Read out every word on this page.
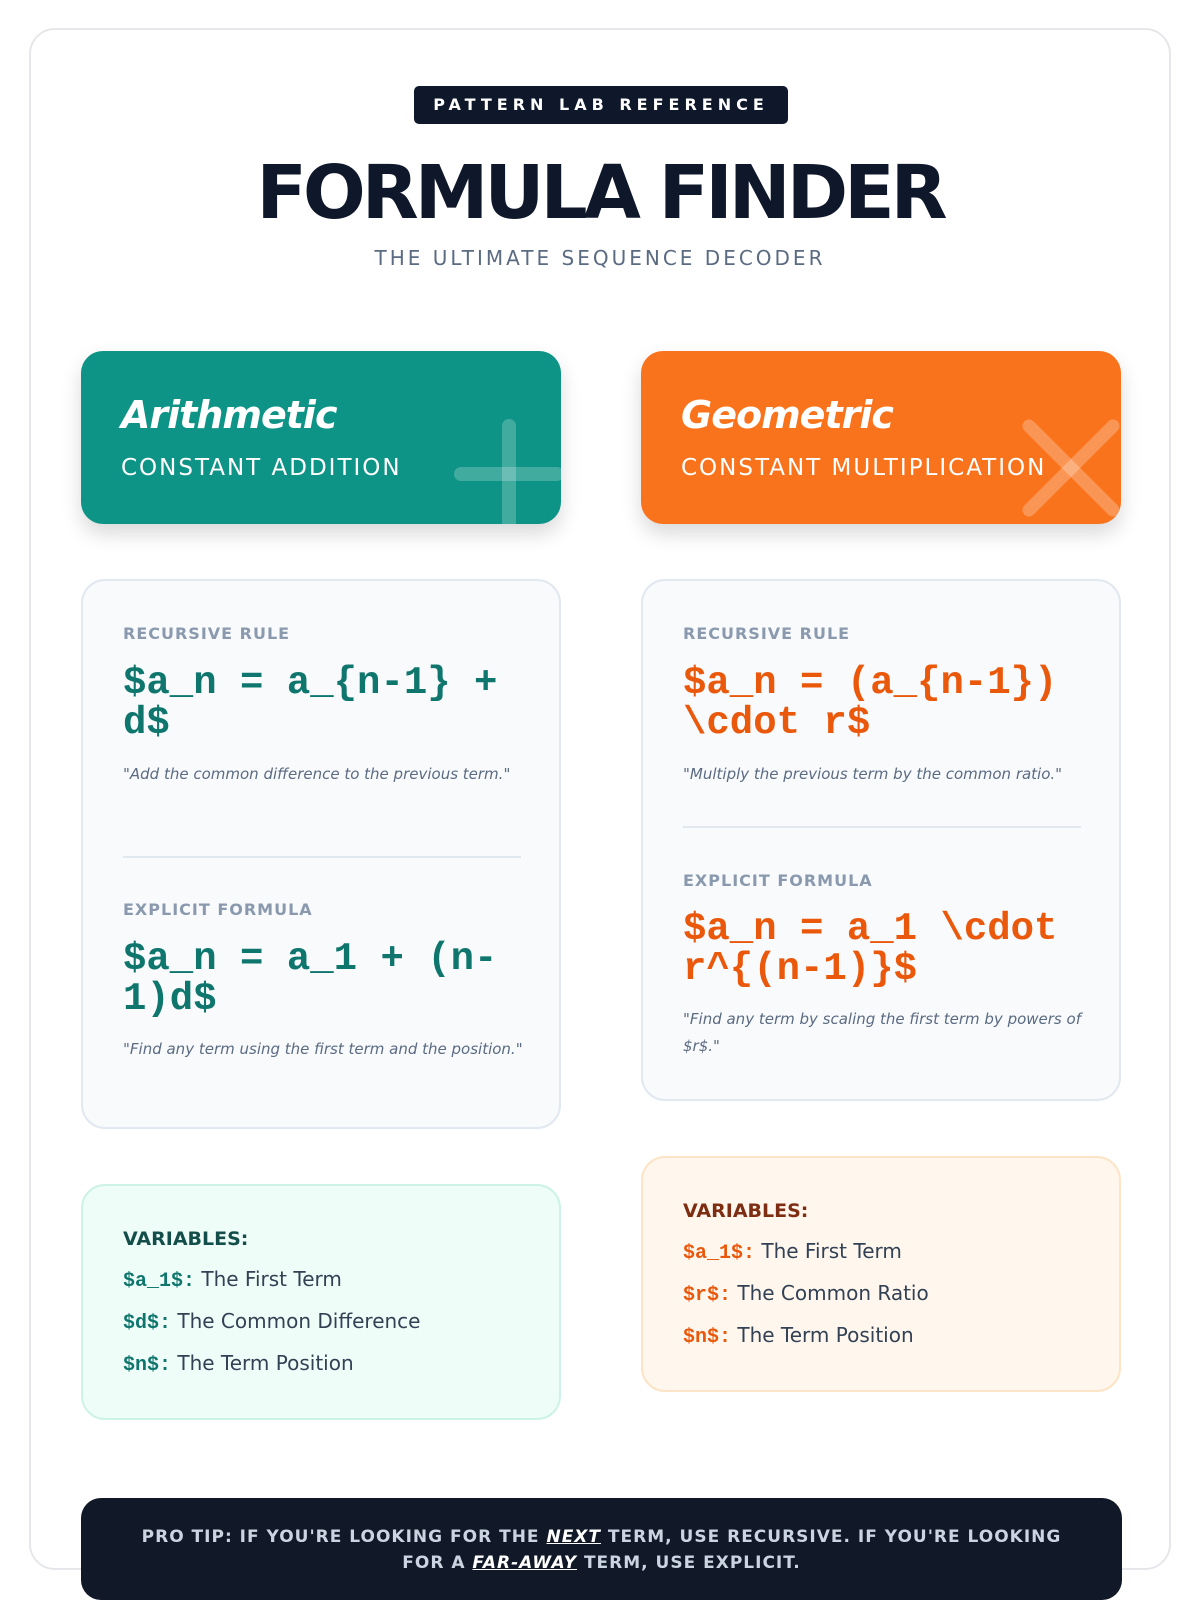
PATTERN LAB REFERENCE
FORMULA FINDER
THE ULTIMATE SEQUENCE DECODER
Arithmetic
CONSTANT ADDITION
RECURSIVE RULE
$a_n = a_{n-1} + d$
"Add the common difference to the previous term."
EXPLICIT FORMULA
$a_n = a_1 + (n-1)d$
"Find any term using the first term and the position."
VARIABLES:
$a_1$: The First Term
$d$: The Common Difference
$n$: The Term Position
Geometric
CONSTANT MULTIPLICATION
RECURSIVE RULE
$a_n = (a_{n-1}) \cdot r$
"Multiply the previous term by the common ratio."
EXPLICIT FORMULA
$a_n = a_1 \cdot r^{(n-1)}$
"Find any term by scaling the first term by powers of $r$."
VARIABLES:
$a_1$: The First Term
$r$: The Common Ratio
$n$: The Term Position
PRO TIP: IF YOU'RE LOOKING FOR THE NEXT TERM, USE RECURSIVE. IF YOU'RE LOOKING FOR A FAR-AWAY TERM, USE EXPLICIT.
